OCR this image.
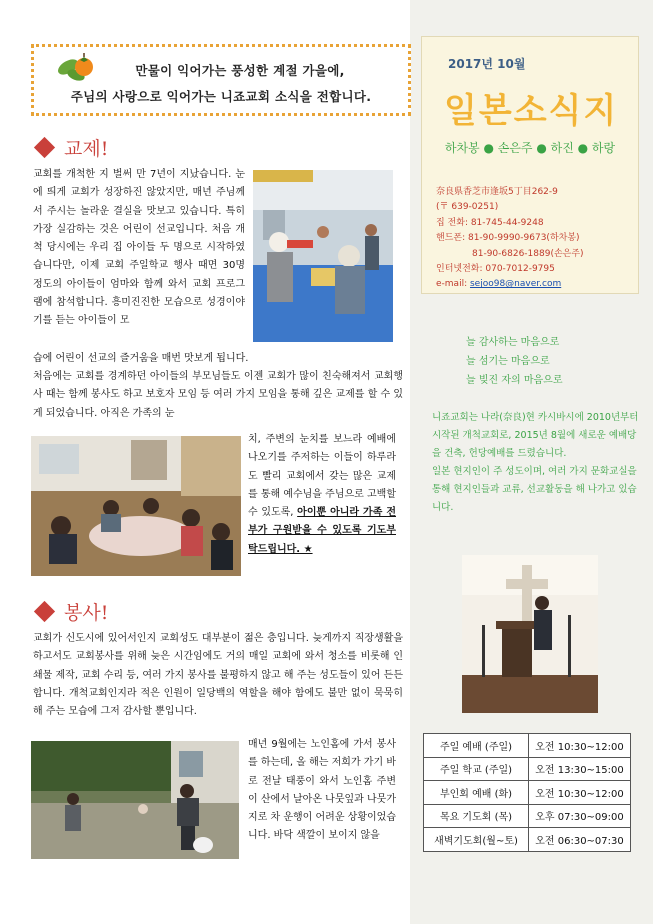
만물이 익어가는 풍성한 계절 가을에,
주님의 사랑으로 익어가는 니죠교회 소식을 전합니다.
교제!
교회를 개척한 지 벌써 만 7년이 지났습니다. 눈에 띄게 교회가 성장하진 않았지만, 매년 주님께서 주시는 놀라운 결실을 맛보고 있습니다. 특히 가장 실감하는 것은 어린이 선교입니다. 처음 개척 당시에는 우리 집 아이들 두 명으로 시작하였습니다만, 이제 교회 주일학교 행사 때면 30명 정도의 아이들이 엄마와 함께 와서 교회 프로그램에 참석합니다. 흥미진진한 모습으로 성경이야기를 듣는 아이들이 모
습에 어린이 선교의 즐거움을 매번 맛보게 됩니다.
처음에는 교회를 경계하던 아이들의 부모님들도 이젠 교회가 많이 친숙해져서 교회행사 때는 함께 봉사도 하고 보호자 모임 등 여러 가지 모임을 통해 깊은 교제를 할 수 있게 되었습니다. 아직은 가족의 눈
치, 주변의 눈치를 보느라 예배에 나오기를 주저하는 이들이 하루라도 빨리 교회에서 갖는 많은 교제를 통해 예수님을 주님으로 고백할 수 있도록, 아이뿐 아니라 가족 전부가 구원받을 수 있도록 기도부탁드립니다. ★
봉사!
교회가 신도시에 있어서인지 교회성도 대부분이 젊은 층입니다. 늦게까지 직장생활을 하고서도 교회봉사를 위해 늦은 시간임에도 거의 매일 교회에 와서 청소를 비롯해 인쇄물 제작, 교회 수리 등, 여러 가지 봉사를 불평하지 않고 해 주는 성도들이 있어 든든합니다. 개척교회인지라 적은 인원이 일당백의 역할을 해야 함에도 불만 없이 묵묵히 해 주는 모습에 그저 감사할 뿐입니다.
매년 9월에는 노인홈에 가서 봉사를 하는데, 올 해는 저희가 가기 바로 전날 태풍이 와서 노인홈 주변이 산에서 날아온 나뭇잎과 나뭇가지로 차 운행이 어려운 상황이었습니다. 바닥 색깔이 보이지 않을
2017년 10월
일본소식지
하차봉 ● 손은주 ● 하진 ● 하랑
奈良県香芝市逢坂5丁目262-9
(〒 639-0251)
집 전화: 81-745-44-9248
핸드폰: 81-90-9990-9673(하차봉)
81-90-6826-1889(손은주)
인터넷전화: 070-7012-9795
e-mail: sejoo98@naver.com
늘 감사하는 마음으로
늘 섬기는 마음으로
늘 빚진 자의 마음으로
니죠교회는 나라(奈良)현 카시바시에 2010년부터 시작된 개척교회로, 2015년 8월에 새로운 예배당을 건축, 헌당예배를 드렸습니다.
일본 현지인이 주 성도이며, 여러 가지 문화교실을 통해 현지인들과 교류, 선교활동을 해 나가고 있습니다.
주일 예배 (주일)	오전 10:30~12:00
주일 학교 (주일)	오전 13:30~15:00
부인회 예배 (화)	오전 10:30~12:00
목요 기도회 (목)	오후 07:30~09:00
새벽기도회(월~토)	오전 06:30~07:30
